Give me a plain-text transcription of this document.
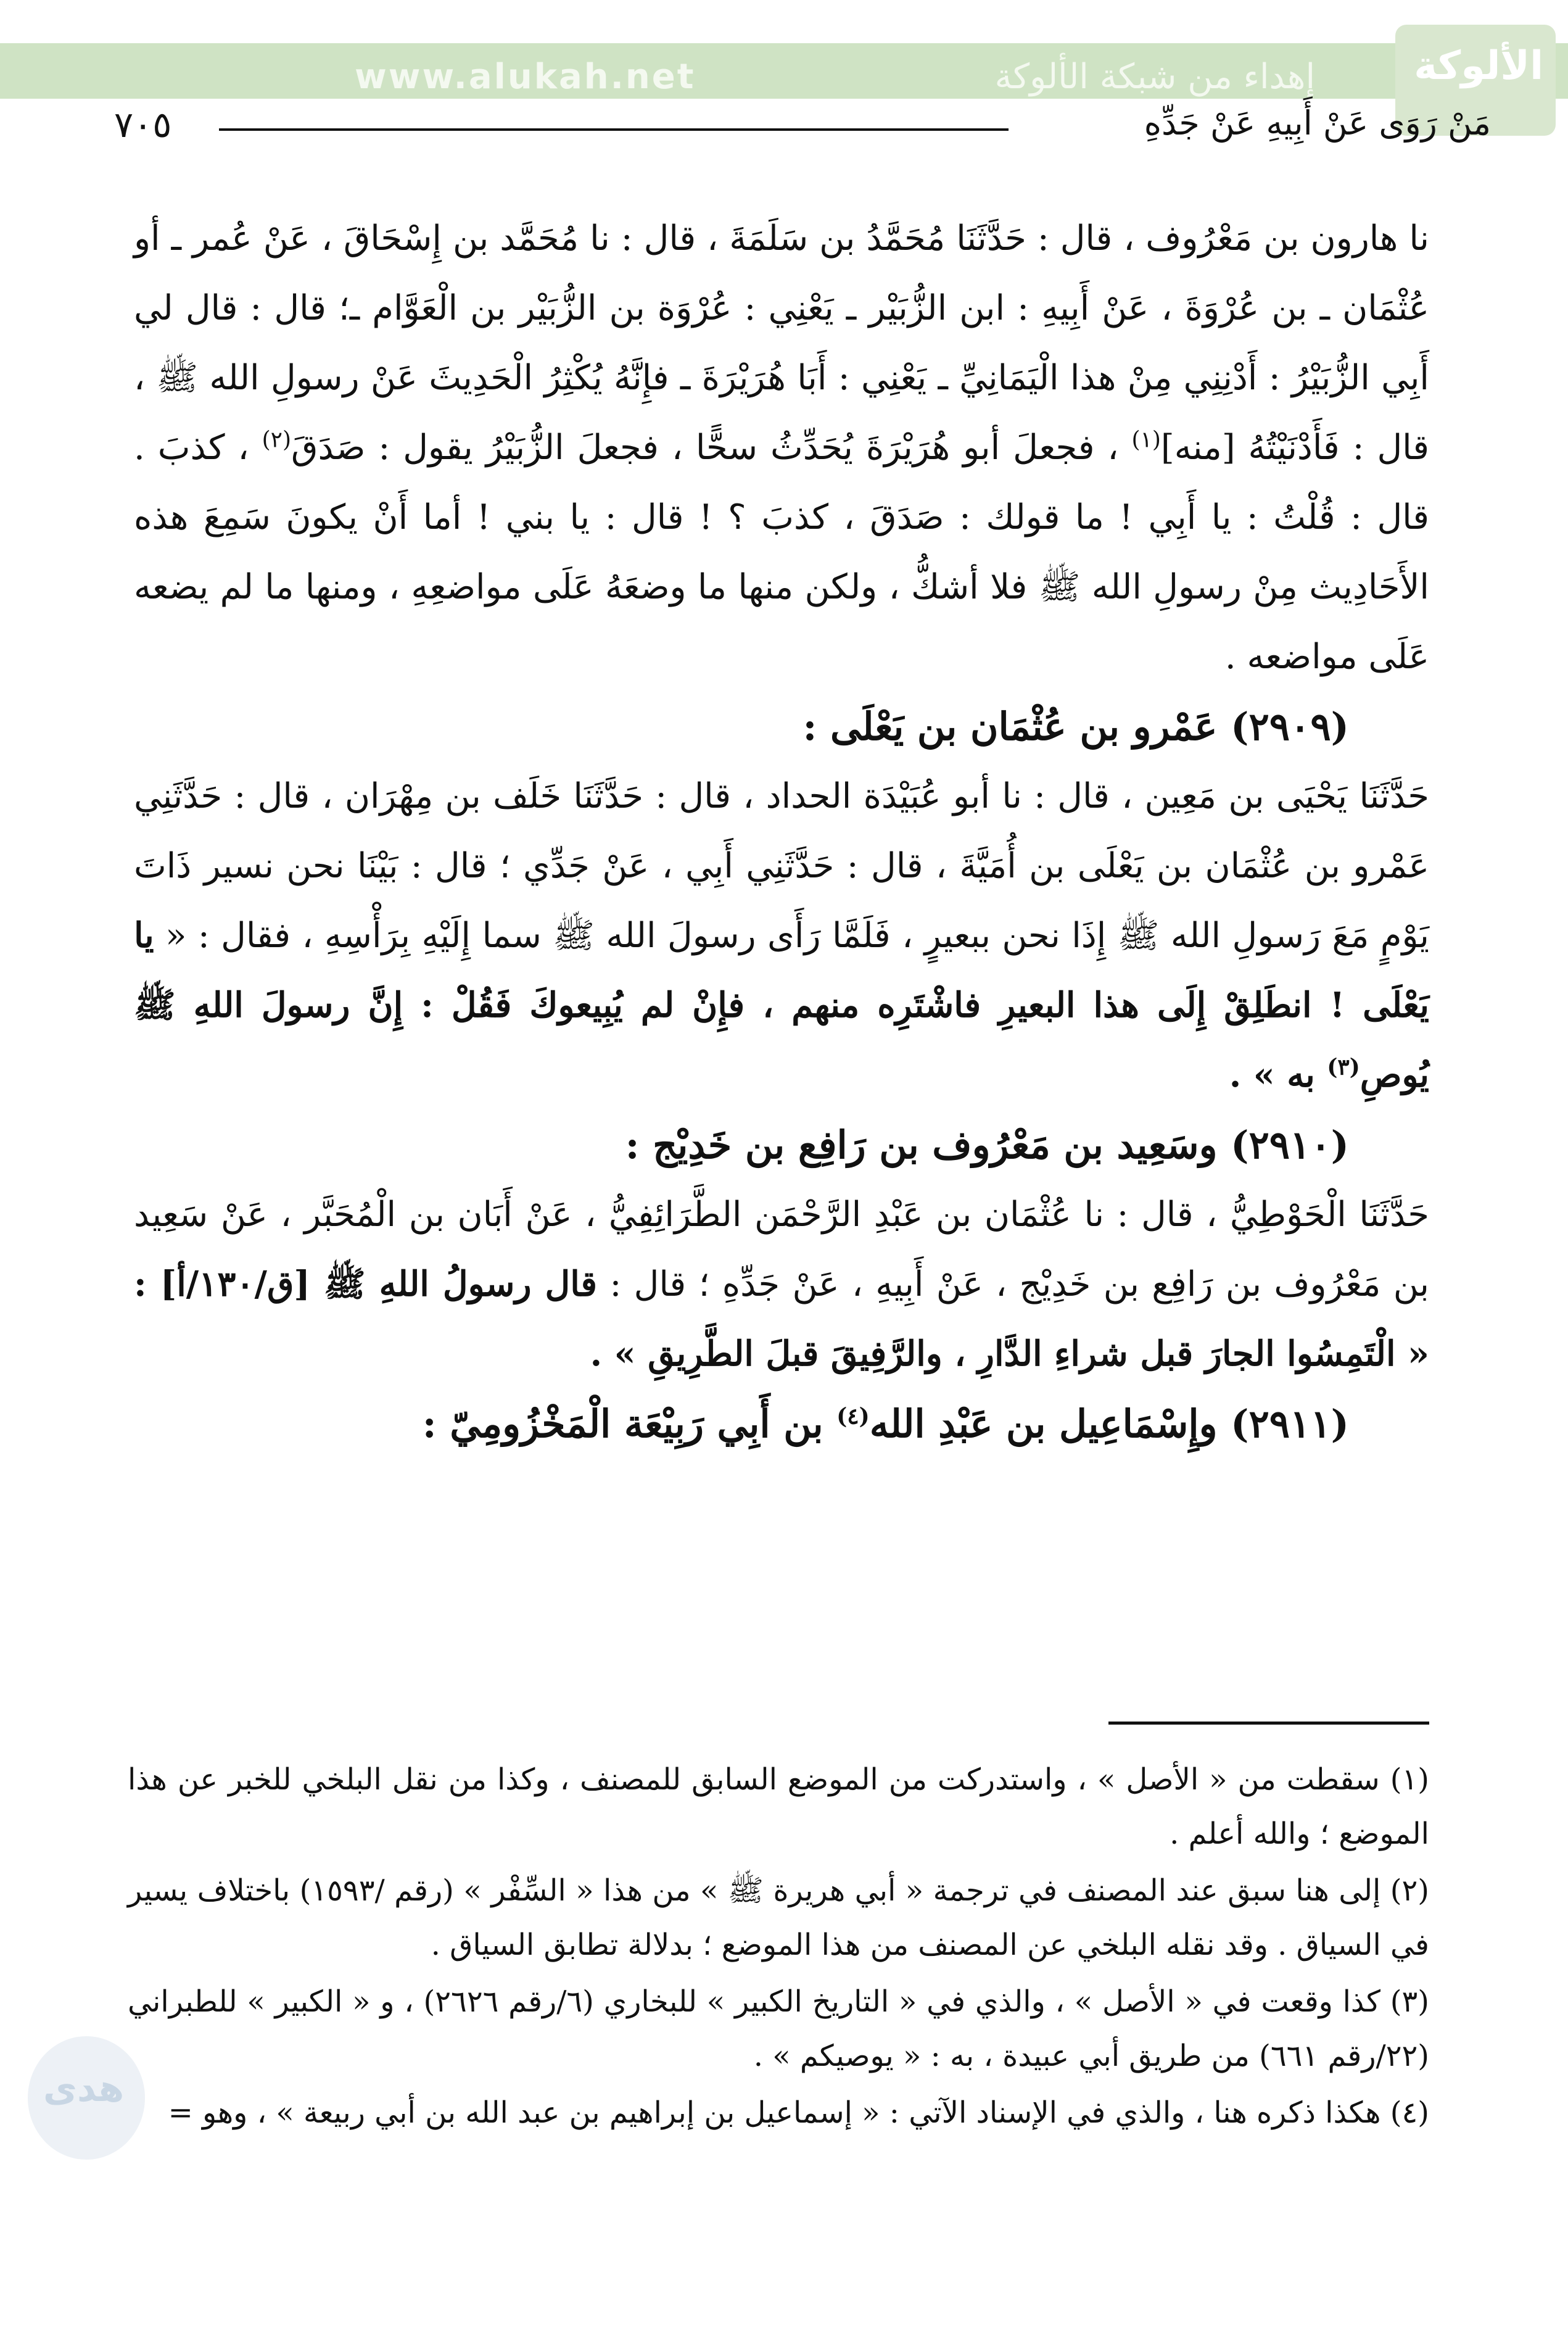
إهداء من شبكة الألوكة
www.alukah.net	الألوكة
مَنْ رَوَى عَنْ أَبِيهِ عَنْ جَدِّهِ
٧٠٥

نا هارون بن مَعْرُوف ، قال : حَدَّثَنَا مُحَمَّدُ بن سَلَمَةَ ، قال : نا مُحَمَّد بن إِسْحَاقَ ، عَنْ عُمر ـ أو عُثْمَان ـ بن عُرْوَةَ ، عَنْ أَبِيهِ : ابن الزُّبَيْر ـ يَعْنِي : عُرْوَة بن الزُّبَيْر بن الْعَوَّام ـ؛ قال : قال لي أَبِي الزُّبَيْرُ : أَدْنِنِي مِنْ هذا الْيَمَانِيِّ ـ يَعْنِي : أَبَا هُرَيْرَةَ ـ فإِنَّهُ يُكْثِرُ الْحَدِيثَ عَنْ رسولِ الله ﷺ ، قال : فَأَدْنَيْتُهُ [منه]$^{(١)}$ ، فجعلَ أبو هُرَيْرَةَ يُحَدِّثُ سحًّا ، فجعلَ الزُّبَيْرُ يقول : صَدَقَ$^{(٢)}$ ، كذبَ . قال : قُلْتُ : يا أَبِي ! ما قولك : صَدَقَ ، كذبَ ؟ ! قال : يا بني ! أما أَنْ يكونَ سَمِعَ هذه الأَحَادِيث مِنْ رسولِ الله ﷺ فلا أشكُّ ، ولكن منها ما وضعَهُ عَلَى مواضعِهِ ، ومنها ما لم يضعه عَلَى مواضعه .

(٢٩٠٩) عَمْرو بن عُثْمَان بن يَعْلَى :

حَدَّثَنَا يَحْيَى بن مَعِين ، قال : نا أبو عُبَيْدَة الحداد ، قال : حَدَّثَنَا خَلَف بن مِهْرَان ، قال : حَدَّثَنِي عَمْرو بن عُثْمَان بن يَعْلَى بن أُمَيَّةَ ، قال : حَدَّثَنِي أَبِي ، عَنْ جَدِّي ؛ قال : بَيْنَا نحن نسير ذَاتَ يَوْمٍ مَعَ رَسولِ الله ﷺ إِذَا نحن ببعيرٍ ، فَلَمَّا رَأَى رسولَ الله ﷺ سما إِلَيْهِ بِرَأْسِهِ ، فقال : « يا يَعْلَى ! انطَلِقْ إِلَى هذا البعيرِ فاشْتَرِه منهم ، فإِنْ لم يُبِيعوكَ فَقُلْ : إِنَّ رسولَ اللهِ ﷺ يُوصِ$^{(٣)}$ به » .

(٢٩١٠) وسَعِيد بن مَعْرُوف بن رَافِع بن خَدِيْج :

حَدَّثَنَا الْحَوْطِيُّ ، قال : نا عُثْمَان بن عَبْدِ الرَّحْمَن الطَّرَائِفِيُّ ، عَنْ أَبَان بن الْمُحَبَّر ، عَنْ سَعِيد بن مَعْرُوف بن رَافِع بن خَدِيْج ، عَنْ أَبِيهِ ، عَنْ جَدِّهِ ؛ قال : قال رسولُ اللهِ ﷺ [ق/١٣٠/أ] : « الْتَمِسُوا الجارَ قبل شراءِ الدَّارِ ، والرَّفِيقَ قبلَ الطَّرِيقِ » .

(٢٩١١) وإِسْمَاعِيل بن عَبْدِ الله$^{(٤)}$ بن أَبِي رَبِيْعَة الْمَخْزُومِيّ :

(١) سقطت من « الأصل » ، واستدركت من الموضع السابق للمصنف ، وكذا من نقل البلخي للخبر عن هذا الموضع ؛ والله أعلم .

(٢) إلى هنا سبق عند المصنف في ترجمة « أبي هريرة ﷺ » من هذا « السِّفْر » (رقم /١٥٩٣) باختلاف يسير في السياق . وقد نقله البلخي عن المصنف من هذا الموضع ؛ بدلالة تطابق السياق .

(٣) كذا وقعت في « الأصل » ، والذي في « التاريخ الكبير » للبخاري (٦/رقم ٢٦٢٦) ، و « الكبير » للطبراني (٢٢/رقم ٦٦١) من طريق أبي عبيدة ، به : « يوصيكم » .

(٤) هكذا ذكره هنا ، والذي في الإسناد الآتي : « إسماعيل بن إبراهيم بن عبد الله بن أبي ربيعة » ، وهو =

ﻫﺪﻯ
